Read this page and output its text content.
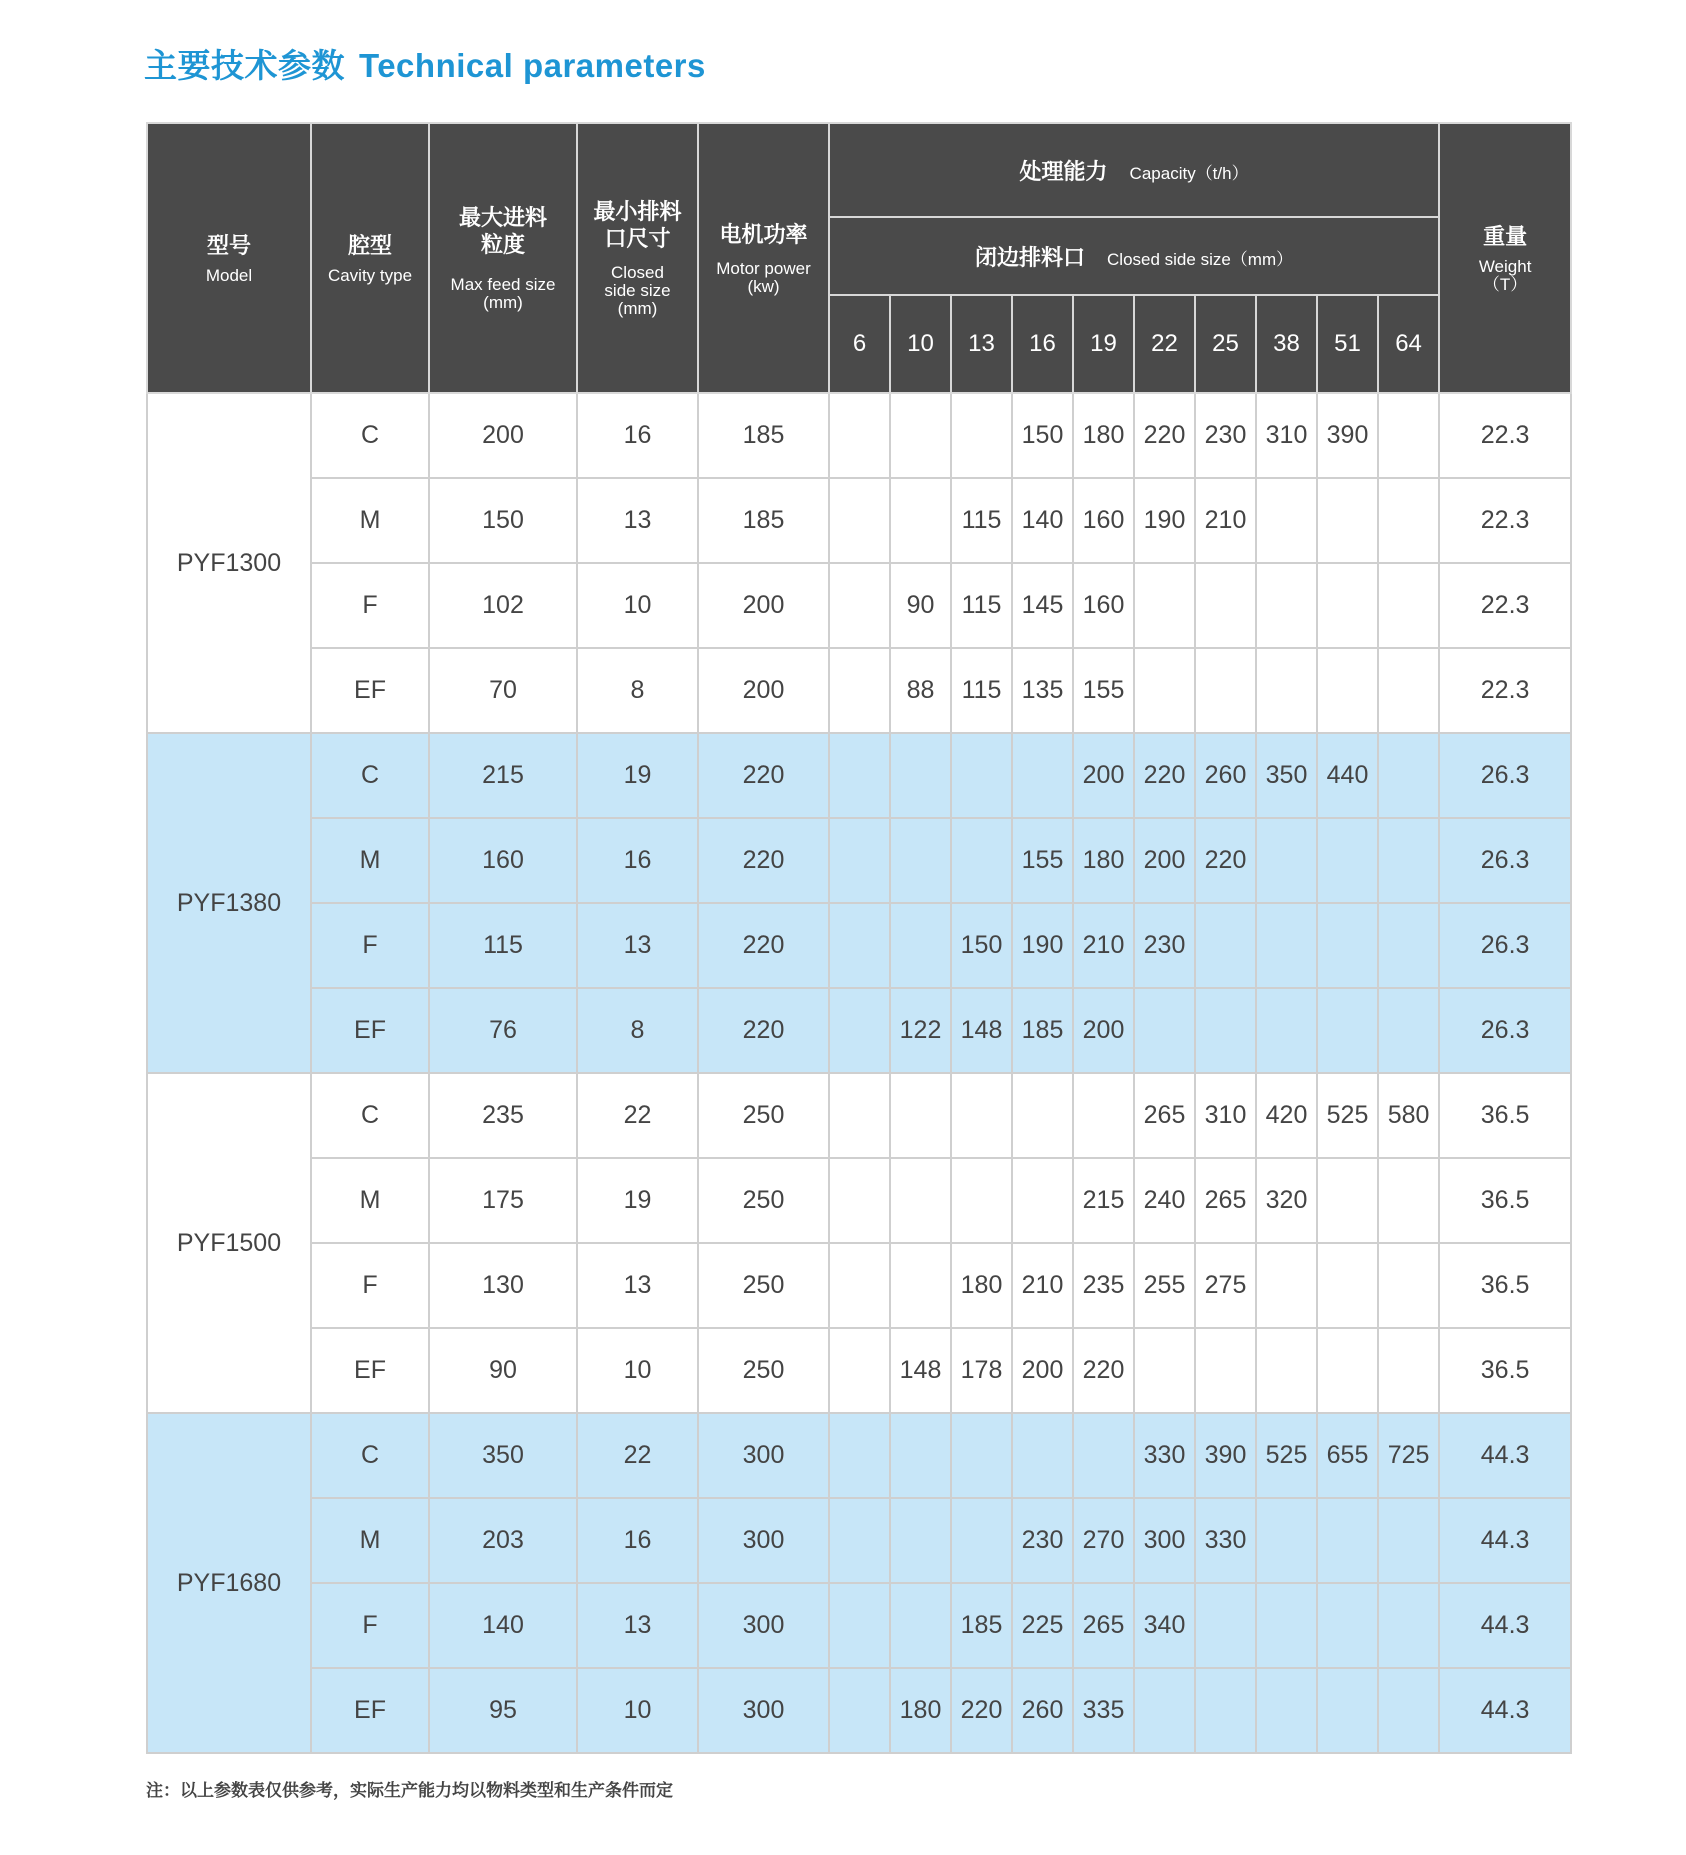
主要技术参数 Technical parameters
型号
Model	腔型
Cavity type	最大进料粒度
Max feed size (mm)	最小排料口尺寸
Closed side size (mm)	电机功率
Motor power (kw)	处理能力 Capacity（t/h）										重量
Weight（T）

					闭边排料口 Closed side size（mm）										
					6	10	13	16	19	22	25	38	51	64	
PYF1300	C	200	16	185				150	180	220	230	310	390		22.3
	M	150	13	185			115	140	160	190	210				22.3
	F	102	10	200		90	115	145	160						22.3
	EF	70	8	200		88	115	135	155						22.3
PYF1380	C	215	19	220					200	220	260	350	440		26.3
	M	160	16	220				155	180	200	220				26.3
	F	115	13	220			150	190	210	230					26.3
	EF	76	8	220		122	148	185	200						26.3
PYF1500	C	235	22	250						265	310	420	525	580	36.5
	M	175	19	250					215	240	265	320			36.5
	F	130	13	250			180	210	235	255	275				36.5
	EF	90	10	250		148	178	200	220						36.5
PYF1680	C	350	22	300						330	390	525	655	725	44.3
	M	203	16	300				230	270	300	330				44.3
	F	140	13	300			185	225	265	340					44.3
	EF	95	10	300		180	220	260	335						44.3
注：以上参数表仅供参考，实际生产能力均以物料类型和生产条件而定
